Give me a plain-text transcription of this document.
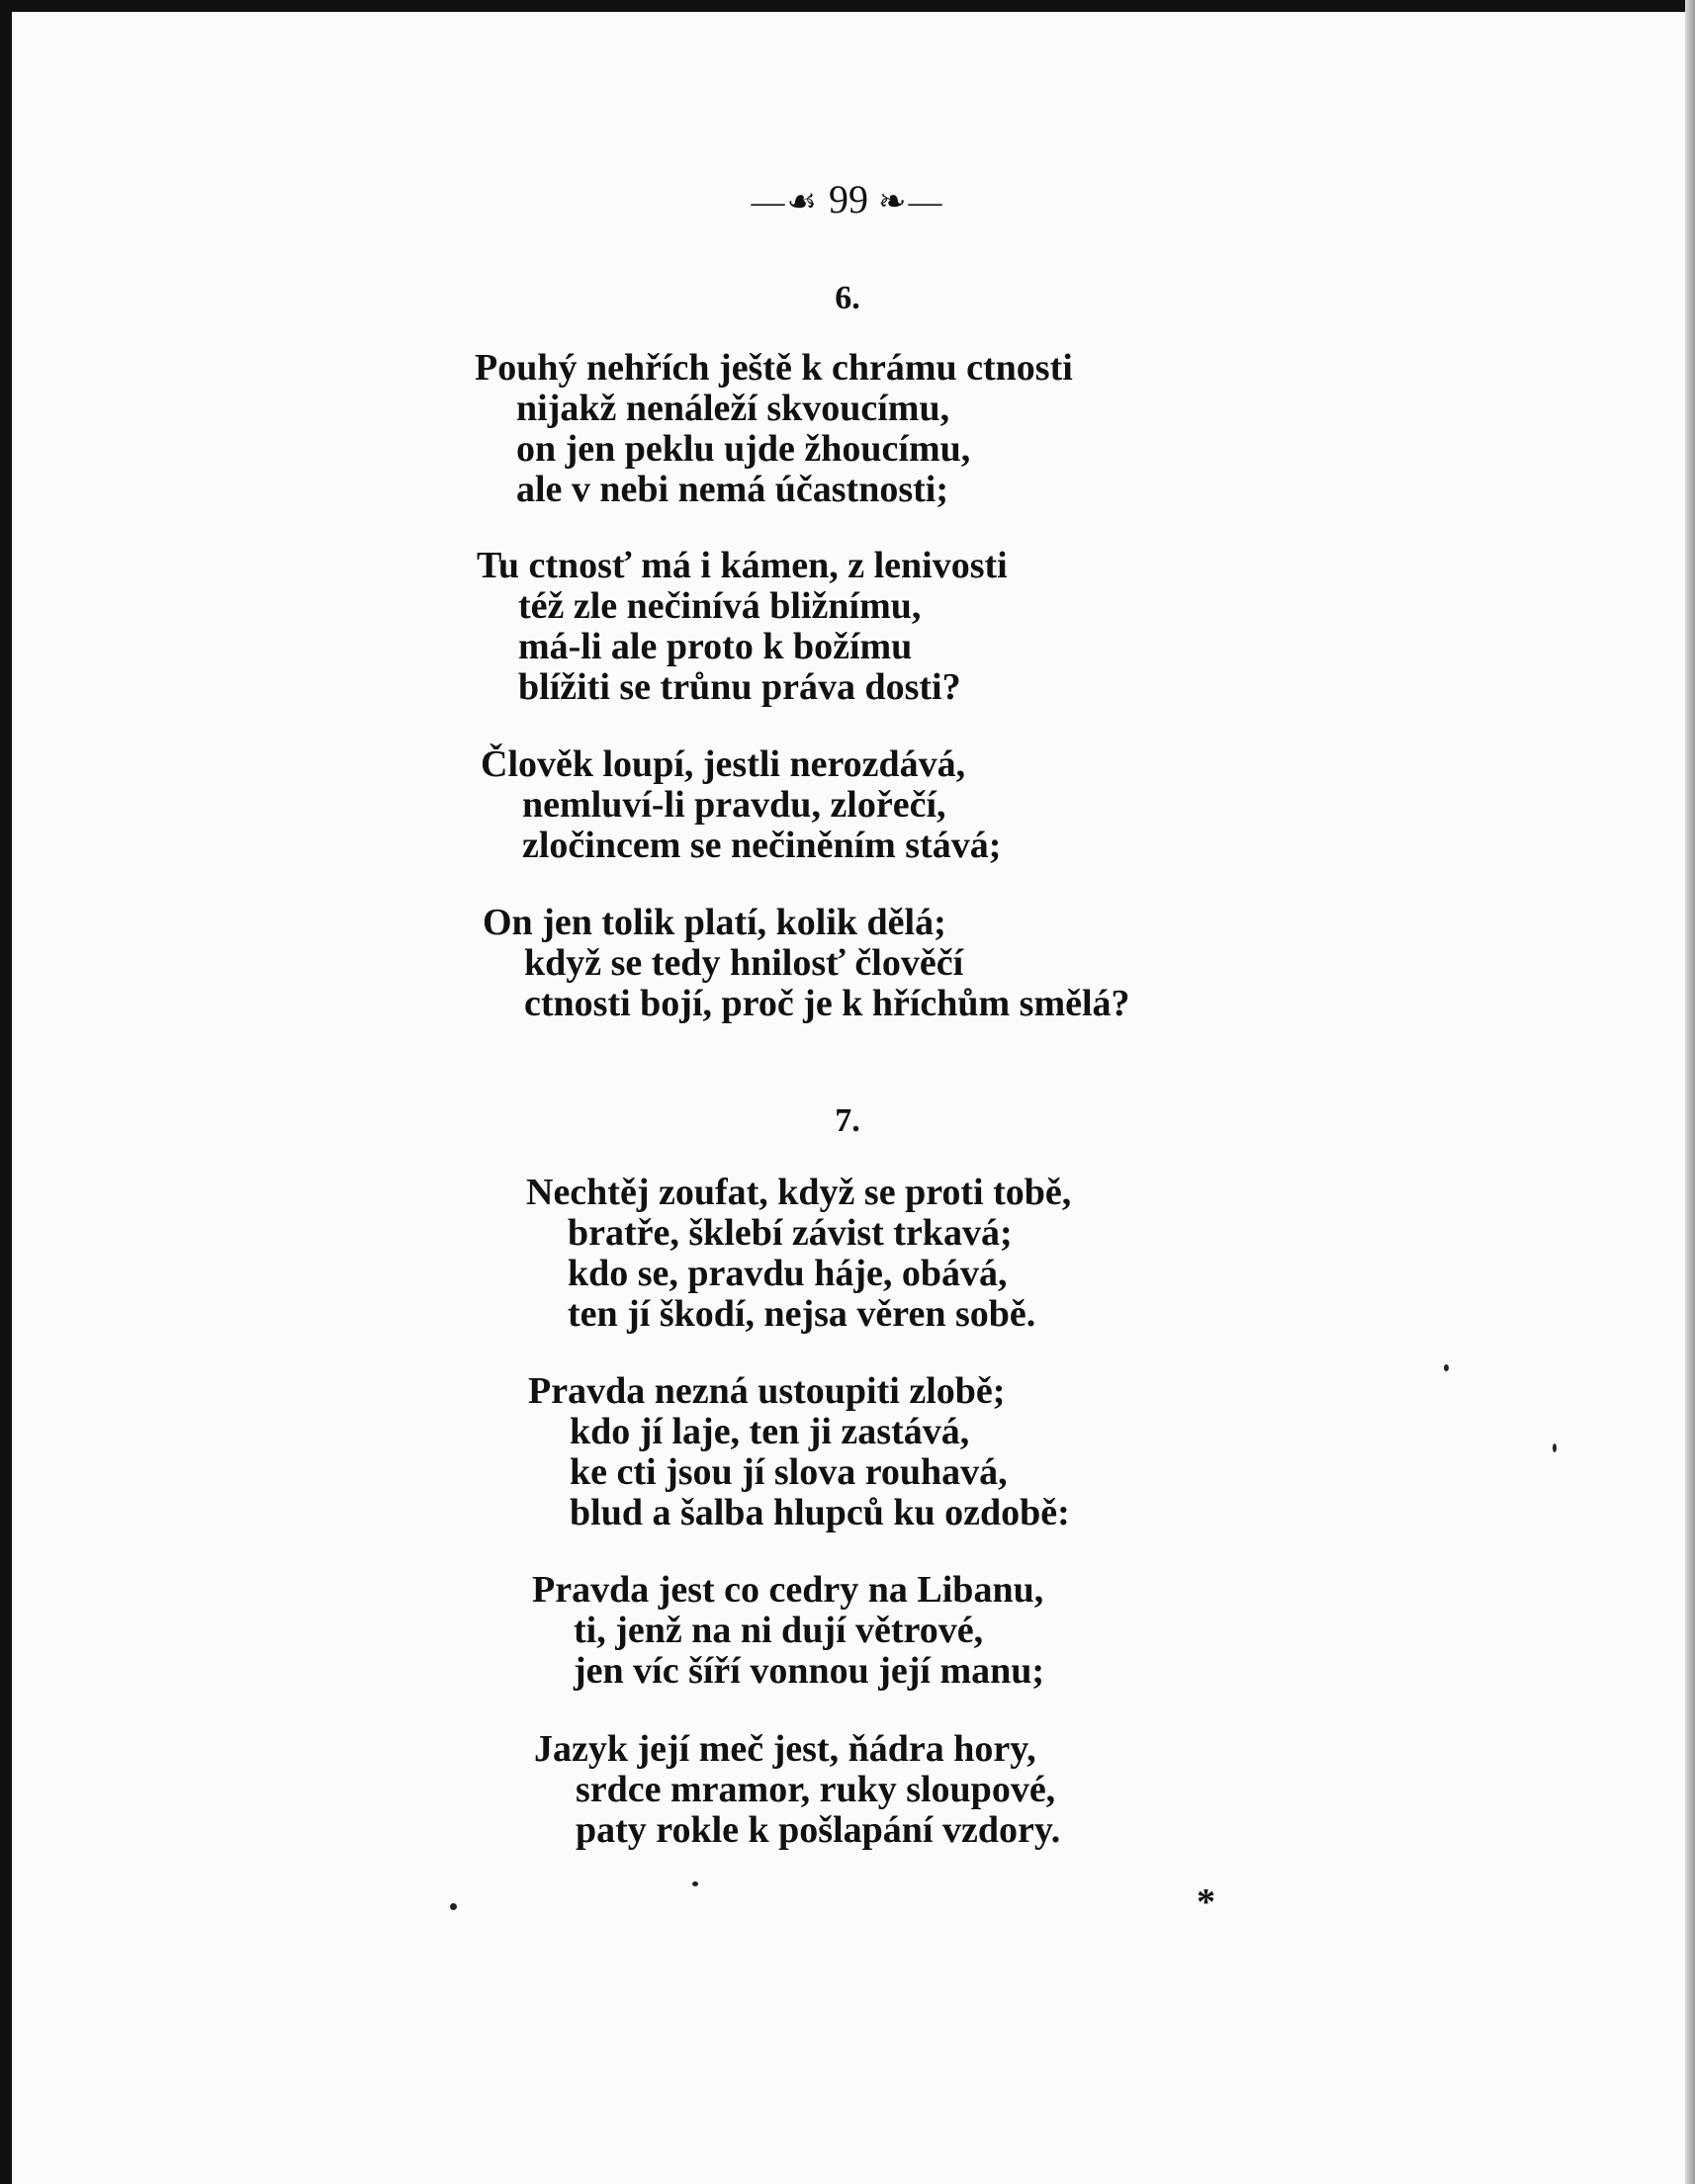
—☙ 99 ❧—
6.
Pouhý nehřích ještě k chrámu ctnosti
nijakž nenáleží skvoucímu,
on jen peklu ujde žhoucímu,
ale v nebi nemá účastnosti;
Tu ctnosť má i kámen, z lenivosti
též zle nečinívá bližnímu,
má-li ale proto k božímu
blížiti se trůnu práva dosti?
Člověk loupí, jestli nerozdává,
nemluví-li pravdu, zlořečí,
zločincem se nečiněním stává;
On jen tolik platí, kolik dělá;
když se tedy hnilosť člověčí
ctnosti bojí, proč je k hříchům smělá?
7.
Nechtěj zoufat, když se proti tobě,
bratře, šklebí závist trkavá;
kdo se, pravdu háje, obává,
ten jí škodí, nejsa věren sobě.
Pravda nezná ustoupiti zlobě;
kdo jí laje, ten ji zastává,
ke cti jsou jí slova rouhavá,
blud a šalba hlupců ku ozdobě:
Pravda jest co cedry na Libanu,
ti, jenž na ni dují větrové,
jen víc šíří vonnou její manu;
Jazyk její meč jest, ňádra hory,
srdce mramor, ruky sloupové,
paty rokle k pošlapání vzdory.
*
